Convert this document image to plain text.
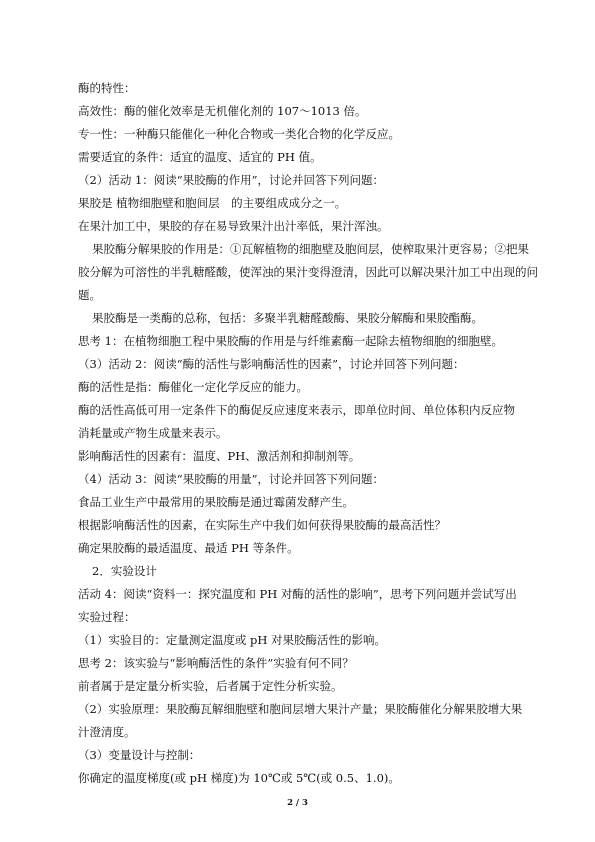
酶的特性：
高效性：酶的催化效率是无机催化剂的 107～1013 倍。
专一性：一种酶只能催化一种化合物或一类化合物的化学反应。
需要适宜的条件：适宜的温度、适宜的 PH 值。
（2）活动 1：阅读“果胶酶的作用”，讨论并回答下列问题：
果胶是 植物细胞壁和胞间层　的主要组成成分之一。
在果汁加工中，果胶的存在易导致果汁出汁率低，果汁浑浊。
果胶酶分解果胶的作用是：①瓦解植物的细胞壁及胞间层，使榨取果汁更容易；②把果
胶分解为可溶性的半乳糖醛酸，使浑浊的果汁变得澄清，因此可以解决果汁加工中出现的问
题。
果胶酶是一类酶的总称，包括：多聚半乳糖醛酸酶、果胶分解酶和果胶酯酶。
思考 1：在植物细胞工程中果胶酶的作用是与纤维素酶一起除去植物细胞的细胞壁。
（3）活动 2：阅读“酶的活性与影响酶活性的因素”，讨论并回答下列问题：
酶的活性是指：酶催化一定化学反应的能力。
酶的活性高低可用一定条件下的酶促反应速度来表示，即单位时间、单位体积内反应物
消耗量或产物生成量来表示。
影响酶活性的因素有：温度、PH、激活剂和抑制剂等。
（4）活动 3：阅读“果胶酶的用量”，讨论并回答下列问题：
食品工业生产中最常用的果胶酶是通过霉菌发酵产生。
根据影响酶活性的因素，在实际生产中我们如何获得果胶酶的最高活性？
确定果胶酶的最适温度、最适 PH 等条件。
2．实验设计
活动 4：阅读“资料一：探究温度和 PH 对酶的活性的影响”，思考下列问题并尝试写出
实验过程：
（1）实验目的：定量测定温度或 pH 对果胶酶活性的影响。
思考 2：该实验与“影响酶活性的条件”实验有何不同？
前者属于是定量分析实验，后者属于定性分析实验。
（2）实验原理：果胶酶瓦解细胞壁和胞间层增大果汁产量；果胶酶催化分解果胶增大果
汁澄清度。
（3）变量设计与控制：
你确定的温度梯度(或 pH 梯度)为 10℃或 5℃(或 0.5、1.0)。
2 / 3
